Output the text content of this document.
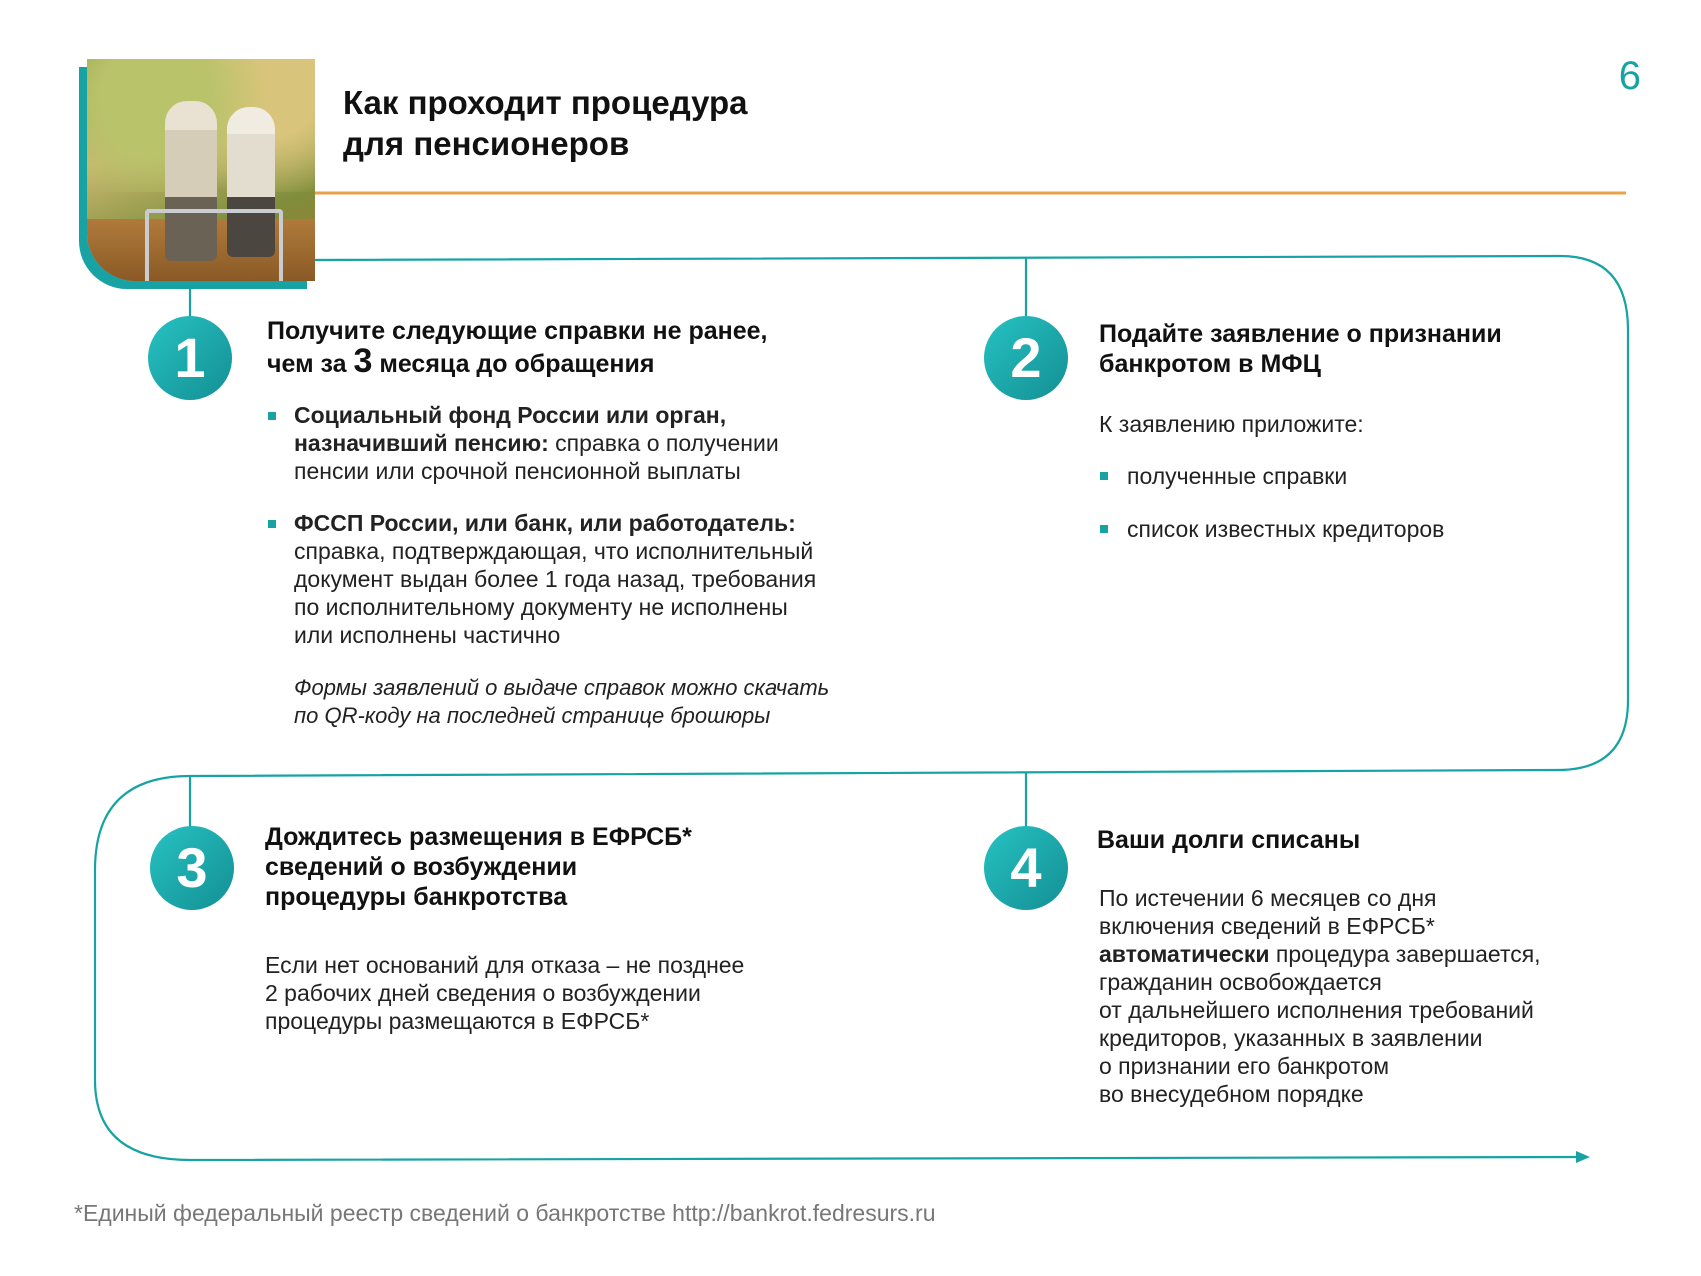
Как проходит процедура
для пенсионеров
6
1	Получите следующие справки не ранее,
чем за 3 месяца до обращения
Социальный фонд России или орган,
назначивший пенсию: справка о получении
пенсии или срочной пенсионной выплаты
ФССП России, или банк, или работодатель:
справка, подтверждающая, что исполнительный
документ выдан более 1 года назад, требования
по исполнительному документу не исполнены
или исполнены частично
Формы заявлений о выдаче справок можно скачать
по QR-коду на последней странице брошюры
2	Подайте заявление о признании
банкротом в МФЦ
К заявлению приложите:
полученные справки
список известных кредиторов
3	Дождитесь размещения в ЕФРСБ*
сведений о возбуждении
процедуры банкротства
Если нет оснований для отказа – не позднее
2 рабочих дней сведения о возбуждении
процедуры размещаются в ЕФРСБ*
4	Ваши долги списаны
По истечении 6 месяцев со дня
включения сведений в ЕФРСБ*
автоматически процедура завершается,
гражданин освобождается
от дальнейшего исполнения требований
кредиторов, указанных в заявлении
о признании его банкротом
во внесудебном порядке
*Единый федеральный реестр сведений о банкротстве http://bankrot.fedresurs.ru
